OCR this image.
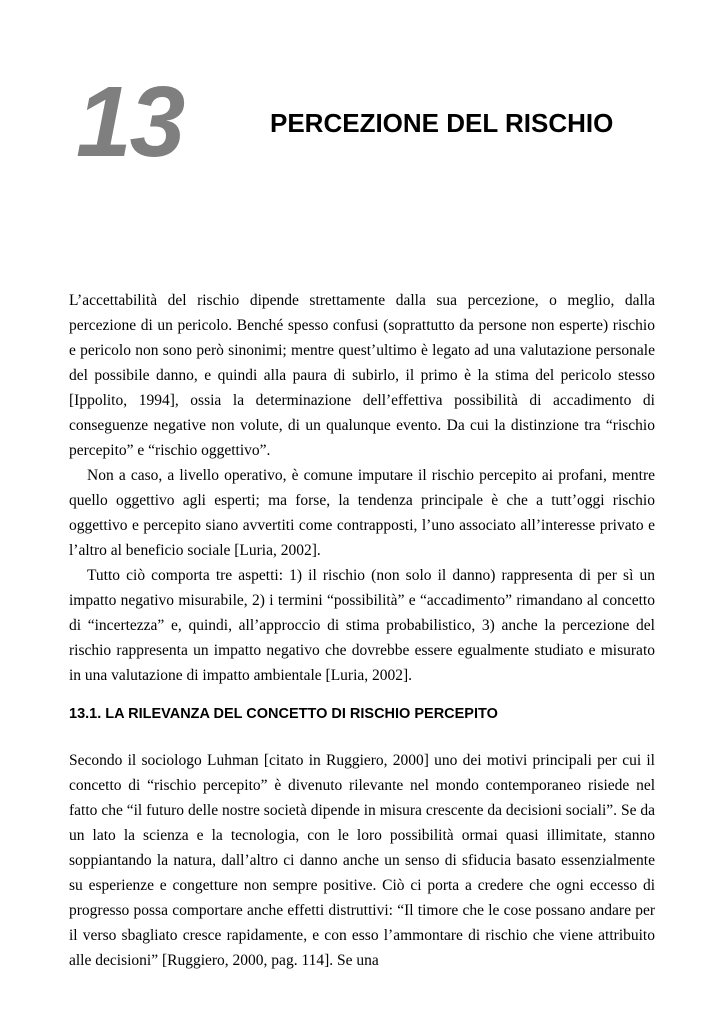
13	PERCEZIONE DEL RISCHIO

L’accettabilità del rischio dipende strettamente dalla sua percezione, o meglio, dalla percezione di un pericolo. Benché spesso confusi (soprattutto da persone non esperte) rischio e pericolo non sono però sinonimi; mentre quest’ultimo è legato ad una valutazione personale del possibile danno, e quindi alla paura di subirlo, il primo è la stima del pericolo stesso [Ippolito, 1994], ossia la determinazione dell’effettiva possibilità di accadimento di conseguenze negative non volute, di un qualunque evento. Da cui la distinzione tra “rischio percepito” e “rischio oggettivo”.

Non a caso, a livello operativo, è comune imputare il rischio percepito ai profani, mentre quello oggettivo agli esperti; ma forse, la tendenza principale è che a tutt’oggi rischio oggettivo e percepito siano avvertiti come contrapposti, l’uno associato all’interesse privato e l’altro al beneficio sociale [Luria, 2002].

Tutto ciò comporta tre aspetti: 1) il rischio (non solo il danno) rappresenta di per sì un impatto negativo misurabile, 2) i termini “possibilità” e “accadimento” rimandano al concetto di “incertezza” e, quindi, all’approccio di stima probabilistico, 3) anche la percezione del rischio rappresenta un impatto negativo che dovrebbe essere egualmente studiato e misurato in una valutazione di impatto ambientale [Luria, 2002].

13.1. LA RILEVANZA DEL CONCETTO DI RISCHIO PERCEPITO

Secondo il sociologo Luhman [citato in Ruggiero, 2000] uno dei motivi principali per cui il concetto di “rischio percepito” è divenuto rilevante nel mondo contemporaneo risiede nel fatto che “il futuro delle nostre società dipende in misura crescente da decisioni sociali”. Se da un lato la scienza e la tecnologia, con le loro possibilità ormai quasi illimitate, stanno soppiantando la natura, dall’altro ci danno anche un senso di sfiducia basato essenzialmente su esperienze e congetture non sempre positive. Ciò ci porta a credere che ogni eccesso di progresso possa comportare anche effetti distruttivi: “Il timore che le cose possano andare per il verso sbagliato cresce rapidamente, e con esso l’ammontare di rischio che viene attribuito alle decisioni” [Ruggiero, 2000, pag. 114]. Se una
